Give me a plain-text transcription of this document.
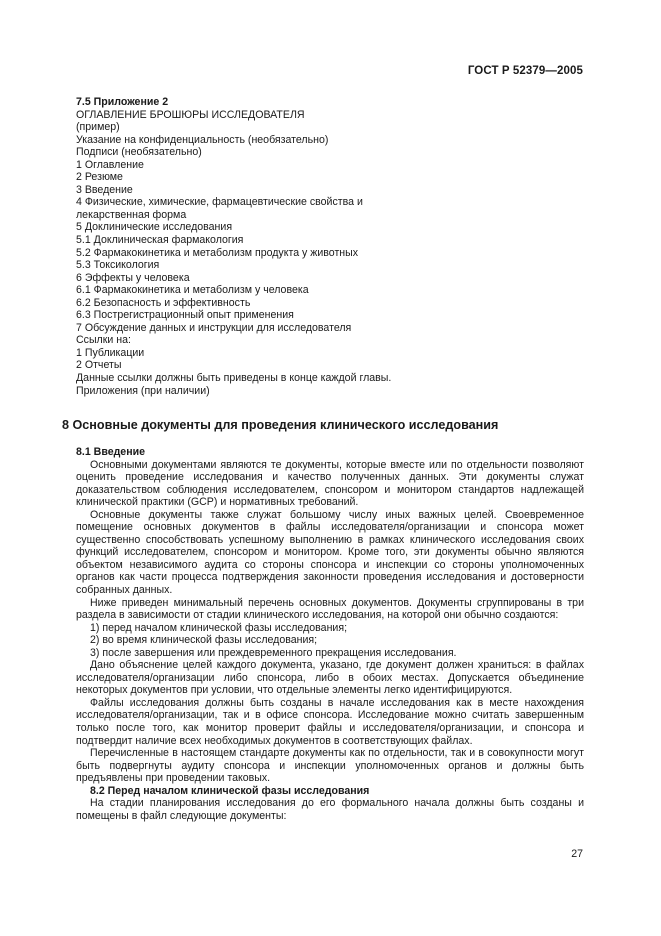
ГОСТ Р 52379—2005
7.5 Приложение 2
ОГЛАВЛЕНИЕ БРОШЮРЫ ИССЛЕДОВАТЕЛЯ
(пример)
Указание на конфиденциальность (необязательно)
Подписи (необязательно)
1 Оглавление
2 Резюме
3 Введение
4 Физические, химические, фармацевтические свойства и
лекарственная форма
5 Доклинические исследования
5.1 Доклиническая фармакология
5.2 Фармакокинетика и метаболизм продукта у животных
5.3 Токсикология
6 Эффекты у человека
6.1 Фармакокинетика и метаболизм у человека
6.2 Безопасность и эффективность
6.3 Пострегистрационный опыт применения
7 Обсуждение данных и инструкции для исследователя
Ссылки на:
1 Публикации
2 Отчеты
Данные ссылки должны быть приведены в конце каждой главы.
Приложения (при наличии)
8 Основные документы для проведения клинического исследования
8.1 Введение

Основными документами являются те документы, которые вместе или по отдельности позволяют оценить проведение исследования и качество полученных данных. Эти документы служат доказательством соблюдения исследователем, спонсором и монитором стандартов надлежащей клинической практики (GCP) и нормативных требований.

Основные документы также служат большому числу иных важных целей. Своевременное помещение основных документов в файлы исследователя/организации и спонсора может существенно способствовать успешному выполнению в рамках клинического исследования своих функций исследователем, спонсором и монитором. Кроме того, эти документы обычно являются объектом независимого аудита со стороны спонсора и инспекции со стороны уполномоченных органов как части процесса подтверждения законности проведения исследования и достоверности собранных данных.

Ниже приведен минимальный перечень основных документов. Документы сгруппированы в три раздела в зависимости от стадии клинического исследования, на которой они обычно создаются:

1) перед началом клинической фазы исследования;

2) во время клинической фазы исследования;

3) после завершения или преждевременного прекращения исследования.

Дано объяснение целей каждого документа, указано, где документ должен храниться: в файлах исследователя/организации либо спонсора, либо в обоих местах. Допускается объединение некоторых документов при условии, что отдельные элементы легко идентифицируются.

Файлы исследования должны быть созданы в начале исследования как в месте нахождения исследователя/организации, так и в офисе спонсора. Исследование можно считать завершенным только после того, как монитор проверит файлы и исследователя/организации, и спонсора и подтвердит наличие всех необходимых документов в соответствующих файлах.

Перечисленные в настоящем стандарте документы как по отдельности, так и в совокупности могут быть подвергнуты аудиту спонсора и инспекции уполномоченных органов и должны быть предъявлены при проведении таковых.

8.2 Перед началом клинической фазы исследования

На стадии планирования исследования до его формального начала должны быть созданы и помещены в файл следующие документы:

27
